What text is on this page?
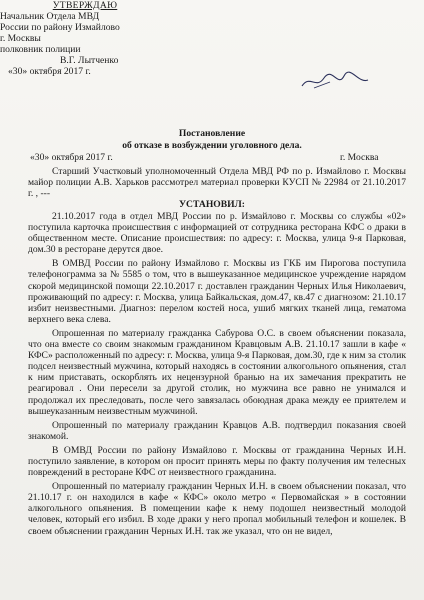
УТВЕРЖДАЮ
Начальник Отдела МВД
России по району Измайлово
г. Москвы
полковник полиции
В.Г. Лытченко
«30» октября 2017 г.
Постановление
об отказе в возбуждении уголовного дела.
«30» октября 2017 г.	г. Москва

Старший Участковый уполномоченный Отдела МВД РФ по р. Измайлово г. Москвы майор полиции А.В. Харьков рассмотрел материал проверки КУСП № 22984 от 21.10.2017 г. , ---

УСТАНОВИЛ:

21.10.2017 года в отдел МВД России по р. Измайлово г. Москвы со службы «02» поступила карточка происшествия с информацией от сотрудника ресторана КФС о драки в общественном месте. Описание происшествия: по адресу: г. Москва, улица 9-я Парковая, дом.30 в ресторане дерутся двое.

В ОМВД России по району Измайлово г. Москвы из ГКБ им Пирогова поступила телефонограмма за № 5585 о том, что в вышеуказанное медицинское учреждение нарядом скорой медицинской помощи 22.10.2017 г. доставлен гражданин Черных Илья Николаевич, проживающий по адресу: г. Москва, улица Байкальская, дом.47, кв.47 с диагнозом: 21.10.17 избит неизвестными. Диагноз: перелом костей носа, ушиб мягких тканей лица, гематома верхнего века слева.

Опрошенная по материалу гражданка Сабурова О.С. в своем объяснении показала, что она вместе со своим знакомым гражданином Кравцовым А.В. 21.10.17 зашли в кафе « КФС» расположенный по адресу: г. Москва, улица 9-я Парковая, дом.30, где к ним за столик подсел неизвестный мужчина, который находясь в состоянии алкогольного опьянения, стал к ним приставать, оскорблять их нецензурной бранью на их замечания прекратить не реагировал . Они пересели за другой столик, но мужчина все равно не унимался и продолжал их преследовать, после чего завязалась обоюдная драка между ее приятелем и вышеуказанным неизвестным мужчиной.

Опрошенный по материалу гражданин Кравцов А.В. подтвердил показания своей знакомой.

В ОМВД России по району Измайлово г. Москвы от гражданина Черных И.Н. поступило заявление, в котором он просит принять меры по факту получения им телесных повреждений в ресторане КФС от неизвестного гражданина.

Опрошенный по материалу гражданин Черных И.Н. в своем объяснении показал, что 21.10.17 г. он находился в кафе « КФС» около метро « Первомайская » в состоянии алкогольного опьянения. В помещении кафе к нему подошел неизвестный молодой человек, который его избил. В ходе драки у него пропал мобильный телефон и кошелек. В своем объяснении гражданин Черных И.Н. так же указал, что он не видел,
